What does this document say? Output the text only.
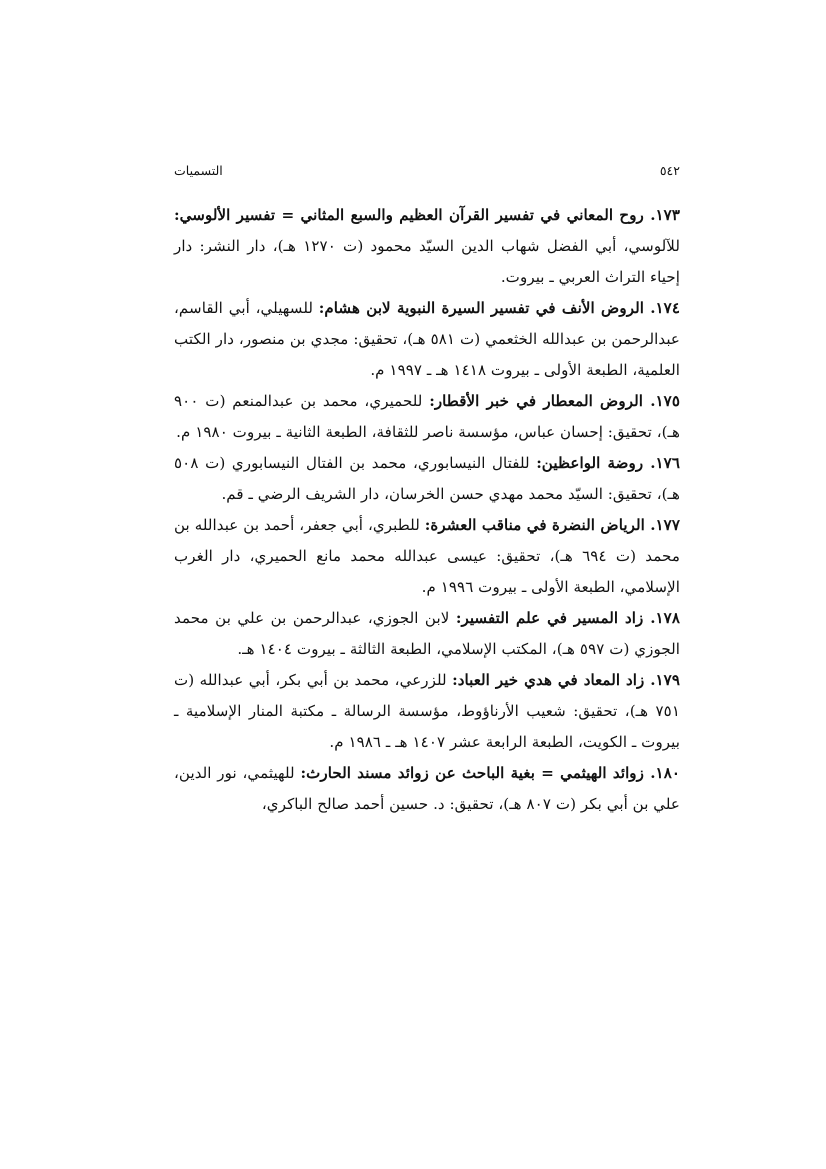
٥٤٢
التسميات

١٧٣. روح المعاني في تفسير القرآن العظيم والسبع المثاني = تفسير الألوسي: للآلوسي، أبي الفضل شهاب الدين السيّد محمود (ت ١٢٧٠ هـ)، دار النشر: دار إحياء التراث العربي ـ بيروت.

١٧٤. الروض الأنف في تفسير السيرة النبوية لابن هشام: للسهيلي، أبي القاسم، عبدالرحمن بن عبدالله الخثعمي (ت ٥٨١ هـ)، تحقيق: مجدي بن منصور، دار الكتب العلمية، الطبعة الأولى ـ بيروت ١٤١٨ هـ ـ ١٩٩٧ م.

١٧٥. الروض المعطار في خبر الأقطار: للحميري، محمد بن عبدالمنعم (ت ٩٠٠ هـ)، تحقيق: إحسان عباس، مؤسسة ناصر للثقافة، الطبعة الثانية ـ بيروت ١٩٨٠ م.

١٧٦. روضة الواعظين: للفتال النيسابوري، محمد بن الفتال النيسابوري (ت ٥٠٨ هـ)، تحقيق: السيّد محمد مهدي حسن الخرسان، دار الشريف الرضي ـ قم.

١٧٧. الرياض النضرة في مناقب العشرة: للطبري، أبي جعفر، أحمد بن عبدالله بن محمد (ت ٦٩٤ هـ)، تحقيق: عيسى عبدالله محمد مانع الحميري، دار الغرب الإسلامي، الطبعة الأولى ـ بيروت ١٩٩٦ م.

١٧٨. زاد المسير في علم التفسير: لابن الجوزي، عبدالرحمن بن علي بن محمد الجوزي (ت ٥٩٧ هـ)، المكتب الإسلامي، الطبعة الثالثة ـ بيروت ١٤٠٤ هـ.

١٧٩. زاد المعاد في هدي خير العباد: للزرعي، محمد بن أبي بكر، أبي عبدالله (ت ٧٥١ هـ)، تحقيق: شعيب الأرناؤوط، مؤسسة الرسالة ـ مكتبة المنار الإسلامية ـ بيروت ـ الكويت، الطبعة الرابعة عشر ١٤٠٧ هـ ـ ١٩٨٦ م.

١٨٠. زوائد الهيثمي = بغية الباحث عن زوائد مسند الحارث: للهيثمي، نور الدين، علي بن أبي بكر (ت ٨٠٧ هـ)، تحقيق: د. حسين أحمد صالح الباكري،
